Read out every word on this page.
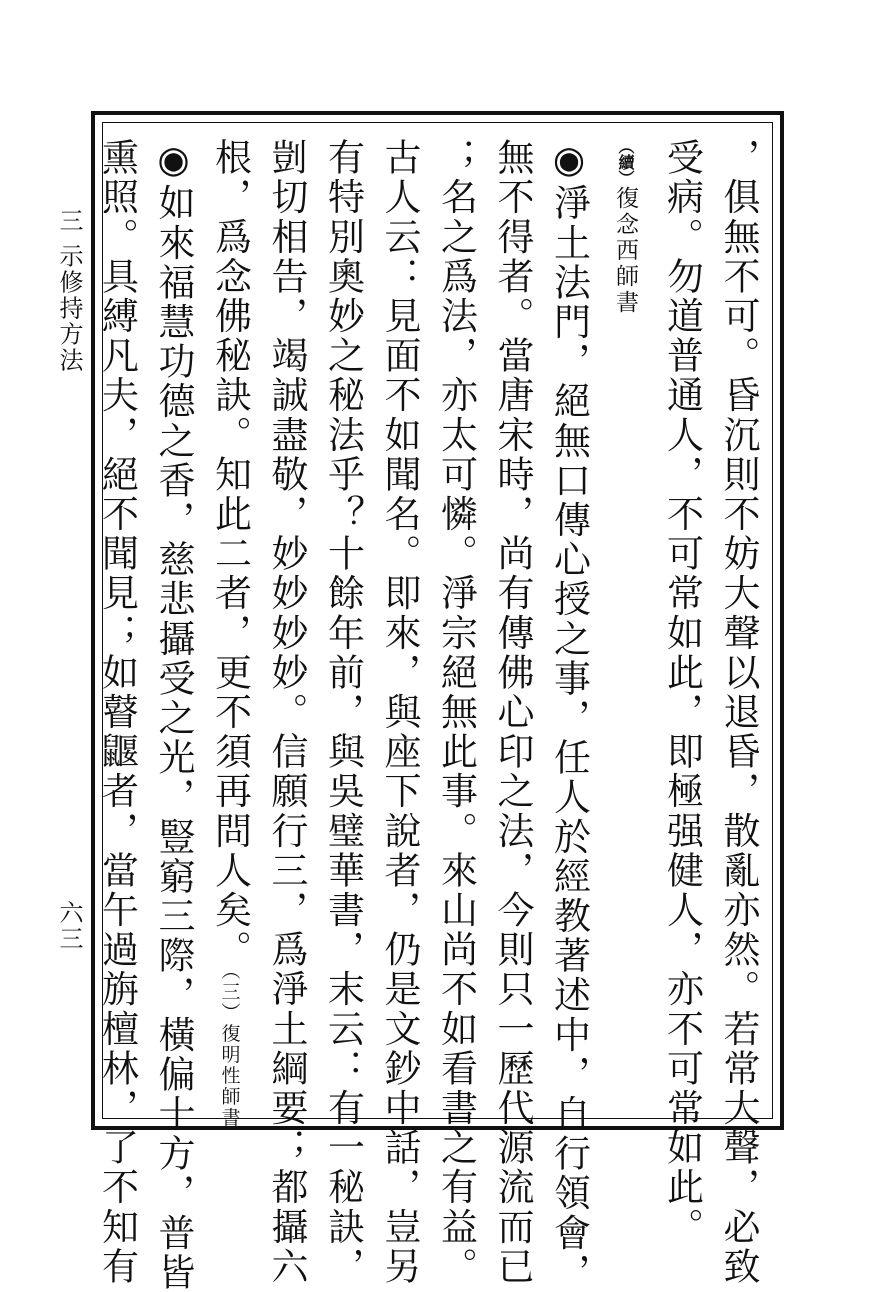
三 示修持方法
六三	，俱無不可。昏沉則不妨大聲以退昏，散亂亦然。若常大聲，必致
受病。勿道普通人，不可常如此，即極强健人，亦不可常如此。
（續）復念西師書
◉淨土法門，絕無口傳心授之事，任人於經教著述中，自行領會，
無不得者。當唐宋時，尚有傳佛心印之法，今則只一歷代源流而已
；名之爲法，亦太可憐。淨宗絕無此事。來山尚不如看書之有益。
古人云：見面不如聞名。即來，與座下說者，仍是文鈔中話，豈另
有特別奧妙之秘法乎？十餘年前，與吳璧華書，末云：有一秘訣，
剴切相告，竭誠盡敬，妙妙妙妙。信願行三，爲淨土綱要；都攝六
根，爲念佛秘訣。知此二者，更不須再問人矣。（三）復明性師書
◉如來福慧功德之香，慈悲攝受之光，豎窮三際，橫偏十方，普皆
熏照。具縛凡夫，絕不聞見；如瞽鼴者，當午過旃檀林，了不知有
